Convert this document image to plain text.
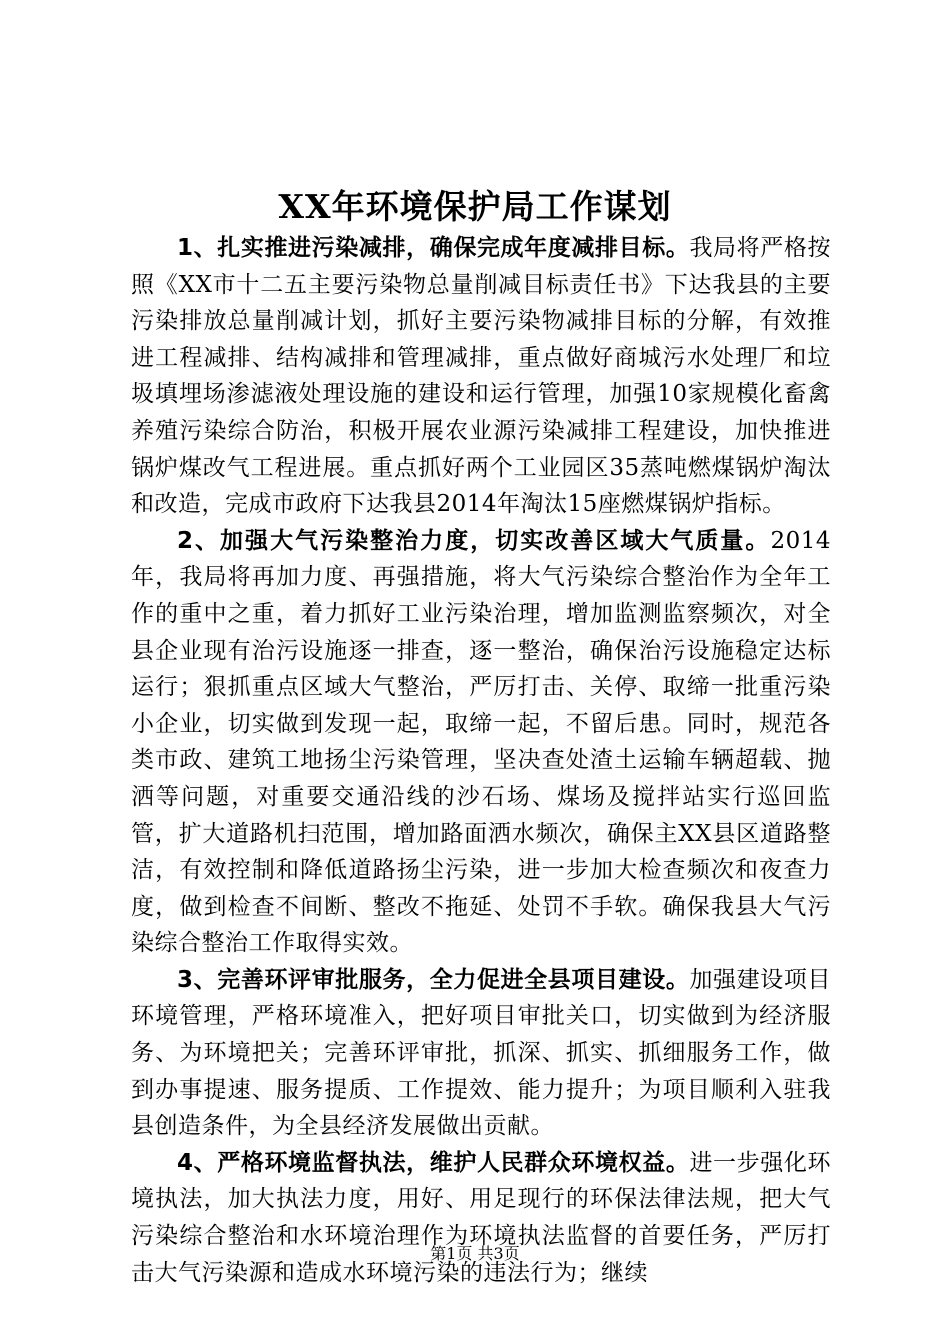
XX年环境保护局工作谋划

1、扎实推进污染减排，确保完成年度减排目标。我局将严格按照《XX市十二五主要污染物总量削减目标责任书》下达我县的主要污染排放总量削减计划，抓好主要污染物减排目标的分解，有效推进工程减排、结构减排和管理减排，重点做好商城污水处理厂和垃圾填埋场渗滤液处理设施的建设和运行管理，加强10家规模化畜禽养殖污染综合防治，积极开展农业源污染减排工程建设，加快推进锅炉煤改气工程进展。重点抓好两个工业园区35蒸吨燃煤锅炉淘汰和改造，完成市政府下达我县2014年淘汰15座燃煤锅炉指标。

2、加强大气污染整治力度，切实改善区域大气质量。2014年，我局将再加力度、再强措施，将大气污染综合整治作为全年工作的重中之重，着力抓好工业污染治理，增加监测监察频次，对全县企业现有治污设施逐一排查，逐一整治，确保治污设施稳定达标运行；狠抓重点区域大气整治，严厉打击、关停、取缔一批重污染小企业，切实做到发现一起，取缔一起，不留后患。同时，规范各类市政、建筑工地扬尘污染管理，坚决查处渣土运输车辆超载、抛洒等问题，对重要交通沿线的沙石场、煤场及搅拌站实行巡回监管，扩大道路机扫范围，增加路面洒水频次，确保主XX县区道路整洁，有效控制和降低道路扬尘污染，进一步加大检查频次和夜查力度，做到检查不间断、整改不拖延、处罚不手软。确保我县大气污染综合整治工作取得实效。

3、完善环评审批服务，全力促进全县项目建设。加强建设项目环境管理，严格环境准入，把好项目审批关口，切实做到为经济服务、为环境把关；完善环评审批，抓深、抓实、抓细服务工作，做到办事提速、服务提质、工作提效、能力提升；为项目顺利入驻我县创造条件，为全县经济发展做出贡献。

4、严格环境监督执法，维护人民群众环境权益。进一步强化环境执法，加大执法力度，用好、用足现行的环保法律法规，把大气污染综合整治和水环境治理作为环境执法监督的首要任务，严厉打击大气污染源和造成水环境污染的违法行为；继续

第1页 共3页
